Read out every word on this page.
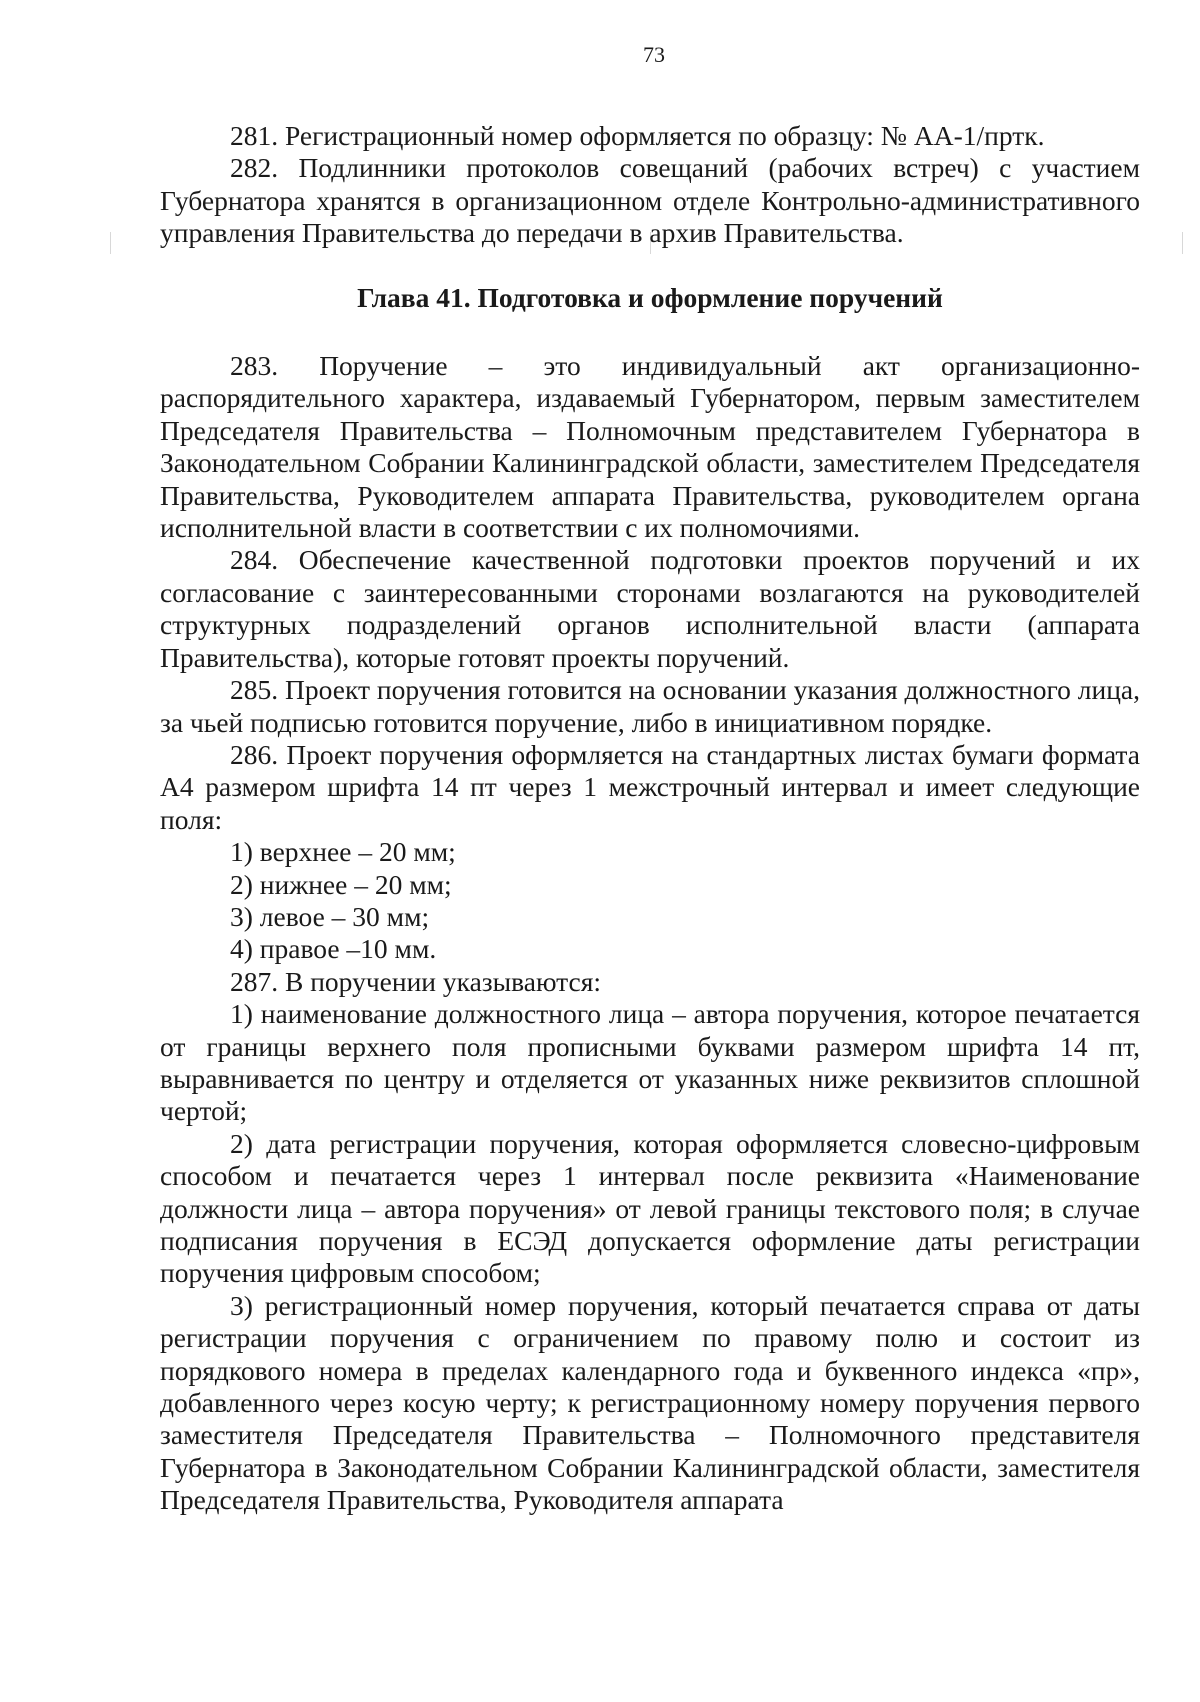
73

281. Регистрационный номер оформляется по образцу: № АА-1/пртк.

282. Подлинники протоколов совещаний (рабочих встреч) с участием Губернатора хранятся в организационном отделе Контрольно-административного управления Правительства до передачи в архив Правительства.

Глава 41. Подготовка и оформление поручений

283. Поручение – это индивидуальный акт организационно-распорядительного характера, издаваемый Губернатором, первым заместителем Председателя Правительства – Полномочным представителем Губернатора в Законодательном Собрании Калининградской области, заместителем Председателя Правительства, Руководителем аппарата Правительства, руководителем органа исполнительной власти в соответствии с их полномочиями.

284. Обеспечение качественной подготовки проектов поручений и их согласование с заинтересованными сторонами возлагаются на руководителей структурных подразделений органов исполнительной власти (аппарата Правительства), которые готовят проекты поручений.

285. Проект поручения готовится на основании указания должностного лица, за чьей подписью готовится поручение, либо в инициативном порядке.

286. Проект поручения оформляется на стандартных листах бумаги формата А4 размером шрифта 14 пт через 1 межстрочный интервал и имеет следующие поля:

1) верхнее – 20 мм;

2) нижнее – 20 мм;

3) левое – 30 мм;

4) правое –10 мм.

287. В поручении указываются:

1) наименование должностного лица – автора поручения, которое печатается от границы верхнего поля прописными буквами размером шрифта 14 пт, выравнивается по центру и отделяется от указанных ниже реквизитов сплошной чертой;

2) дата регистрации поручения, которая оформляется словесно-цифровым способом и печатается через 1 интервал после реквизита «Наименование должности лица – автора поручения» от левой границы текстового поля; в случае подписания поручения в ЕСЭД допускается оформление даты регистрации поручения цифровым способом;

3) регистрационный номер поручения, который печатается справа от даты регистрации поручения с ограничением по правому полю и состоит из порядкового номера в пределах календарного года и буквенного индекса «пр», добавленного через косую черту; к регистрационному номеру поручения первого заместителя Председателя Правительства – Полномочного представителя Губернатора в Законодательном Собрании Калининградской области, заместителя Председателя Правительства, Руководителя аппарата
